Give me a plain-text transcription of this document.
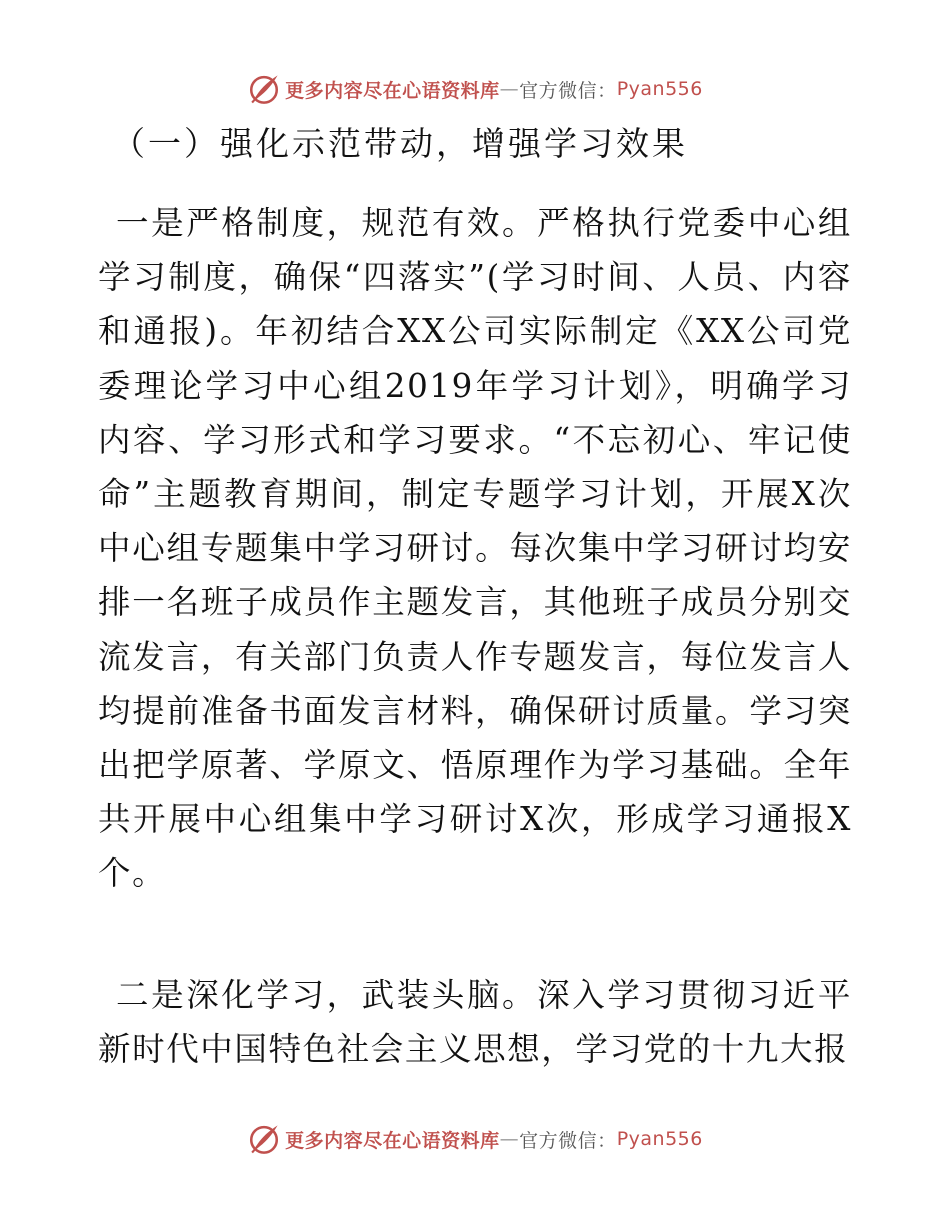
更多内容尽在心语资料库 — 官方微信： Pyan556
（一）强化示范带动，增强学习效果

一是严格制度，规范有效。严格执行党委中心组学习制度，确保“四落实”(学习时间、人员、内容和通报)。年初结合XX公司实际制定《XX公司党委理论学习中心组2019年学习计划》，明确学习内容、学习形式和学习要求。“不忘初心、牢记使命”主题教育期间，制定专题学习计划，开展X次中心组专题集中学习研讨。每次集中学习研讨均安排一名班子成员作主题发言，其他班子成员分别交流发言，有关部门负责人作专题发言，每位发言人均提前准备书面发言材料，确保研讨质量。学习突出把学原著、学原文、悟原理作为学习基础。全年共开展中心组集中学习研讨X次，形成学习通报X个。

二是深化学习，武装头脑。深入学习贯彻习近平新时代中国特色社会主义思想，学习党的十九大报

更多内容尽在心语资料库 — 官方微信： Pyan556
